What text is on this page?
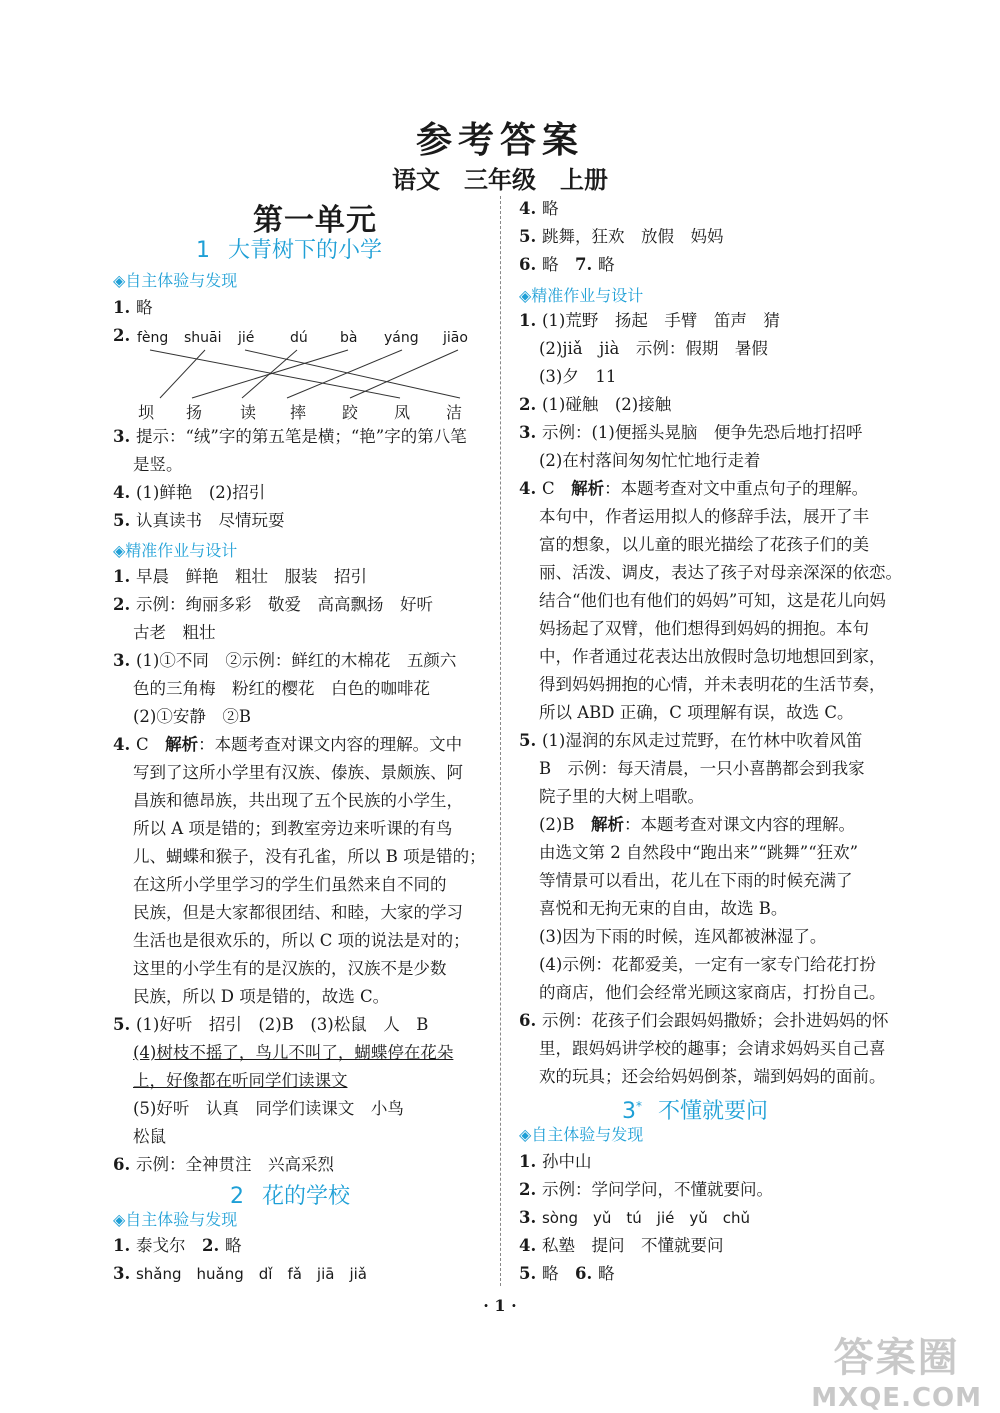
参考答案
语文　三年级　上册
第一单元
1 大青树下的小学
◈自主体验与发现
1. 略
2. fèng shuāi jié	dú bà yáng jiāo
坝 扬 读 摔 跤 凤 洁
3. 提示：“绒”字的第五笔是横；“艳”字的第八笔
是竖。
4. (1)鲜艳　(2)招引
5. 认真读书　尽情玩耍
◈精准作业与设计
1. 早晨　鲜艳　粗壮　服装　招引
2. 示例：绚丽多彩　敬爱　高高飘扬　好听
古老　粗壮
3. (1)①不同　②示例：鲜红的木棉花　五颜六
色的三角梅　粉红的樱花　白色的咖啡花
(2)①安静　②B
4. C　解析：本题考查对课文内容的理解。文中
写到了这所小学里有汉族、傣族、景颇族、阿
昌族和德昂族，共出现了五个民族的小学生，
所以 A 项是错的；到教室旁边来听课的有鸟
儿、蝴蝶和猴子，没有孔雀，所以 B 项是错的；
在这所小学里学习的学生们虽然来自不同的
民族，但是大家都很团结、和睦，大家的学习
生活也是很欢乐的，所以 C 项的说法是对的；
这里的小学生有的是汉族的，汉族不是少数
民族，所以 D 项是错的，故选 C。
5. (1)好听　招引　(2)B　(3)松鼠　人　B
(4)树枝不摇了，鸟儿不叫了，蝴蝶停在花朵
上，好像都在听同学们读课文
(5)好听　认真　同学们读课文　小鸟
松鼠
6. 示例：全神贯注　兴高采烈
2 花的学校
◈自主体验与发现
1. 泰戈尔　2. 略
3. shǎng　huǎng　dǐ　fǎ　jiā　jiǎ
4. 略
5. 跳舞，狂欢　放假　妈妈
6. 略　7. 略
◈精准作业与设计
1. (1)荒野　扬起　手臂　笛声　猜
(2)jiǎ　jià　示例：假期　暑假
(3)夕　11
2. (1)碰触　(2)接触
3. 示例：(1)便摇头晃脑　便争先恐后地打招呼
(2)在村落间匆匆忙忙地行走着
4. C　解析：本题考查对文中重点句子的理解。
本句中，作者运用拟人的修辞手法，展开了丰
富的想象，以儿童的眼光描绘了花孩子们的美
丽、活泼、调皮，表达了孩子对母亲深深的依恋。
结合“他们也有他们的妈妈”可知，这是花儿向妈
妈扬起了双臂，他们想得到妈妈的拥抱。本句
中，作者通过花表达出放假时急切地想回到家，
得到妈妈拥抱的心情，并未表明花的生活节奏，
所以 ABD 正确，C 项理解有误，故选 C。
5. (1)湿润的东风走过荒野，在竹林中吹着风笛
B　示例：每天清晨，一只小喜鹊都会到我家
院子里的大树上唱歌。
(2)B　解析：本题考查对课文内容的理解。
由选文第 2 自然段中“跑出来”“跳舞”“狂欢”
等情景可以看出，花儿在下雨的时候充满了
喜悦和无拘无束的自由，故选 B。
(3)因为下雨的时候，连风都被淋湿了。
(4)示例：花都爱美，一定有一家专门给花打扮
的商店，他们会经常光顾这家商店，打扮自己。
6. 示例：花孩子们会跟妈妈撒娇；会扑进妈妈的怀
里，跟妈妈讲学校的趣事；会请求妈妈买自己喜
欢的玩具；还会给妈妈倒茶，端到妈妈的面前。
3* 不懂就要问
◈自主体验与发现
1. 孙中山
2. 示例：学问学问，不懂就要问。
3. sòng　yǔ　tú　jié　yǔ　chǔ
4. 私塾　提问　不懂就要问
5. 略　6. 略
· 1 ·
答案圈
MXQE.COM
